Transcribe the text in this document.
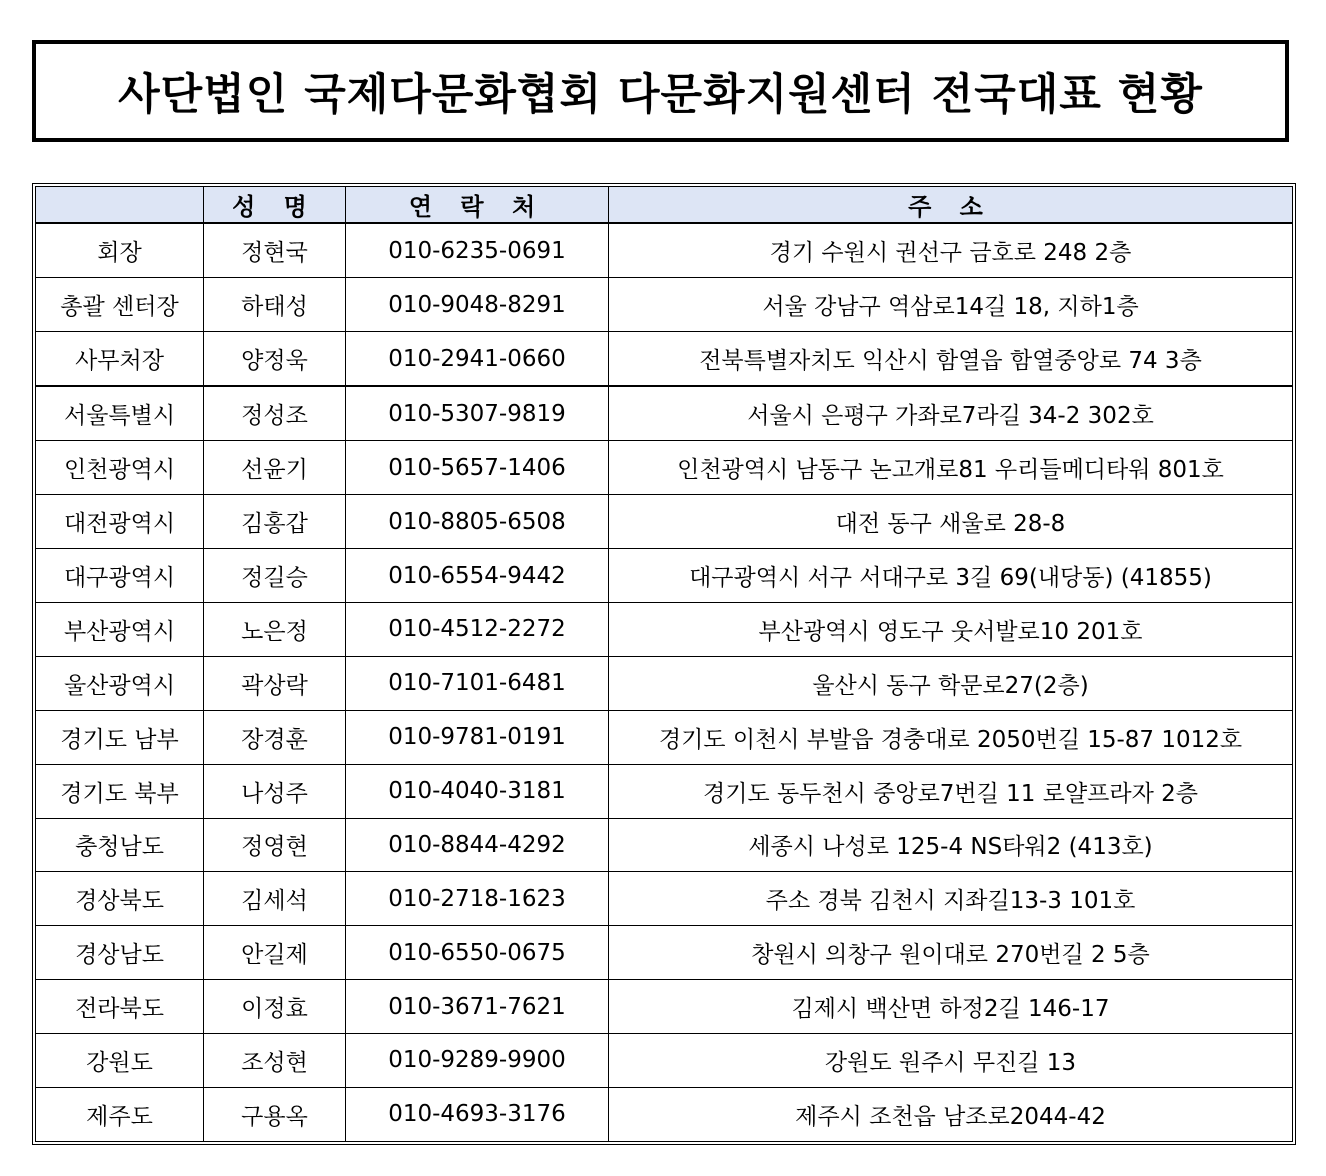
사단법인 국제다문화협회 다문화지원센터 전국대표 현황
	성 명	연 락 처	주 소
회장	정현국	010-6235-0691	경기 수원시 권선구 금호로 248 2층
총괄 센터장	하태성	010-9048-8291	서울 강남구 역삼로14길 18, 지하1층
사무처장	양정욱	010-2941-0660	전북특별자치도 익산시 함열읍 함열중앙로 74 3층
서울특별시	정성조	010-5307-9819	서울시 은평구 가좌로7라길 34-2 302호
인천광역시	선윤기	010-5657-1406	인천광역시 남동구 논고개로81 우리들메디타워 801호
대전광역시	김홍갑	010-8805-6508	대전 동구 새울로 28-8
대구광역시	정길승	010-6554-9442	대구광역시 서구 서대구로 3길 69(내당동) (41855)
부산광역시	노은정	010-4512-2272	부산광역시 영도구 웃서발로10 201호
울산광역시	곽상락	010-7101-6481	울산시 동구 학문로27(2층)
경기도 남부	장경훈	010-9781-0191	경기도 이천시 부발읍 경충대로 2050번길 15-87 1012호
경기도 북부	나성주	010-4040-3181	경기도 동두천시 중앙로7번길 11 로얄프라자 2층
충청남도	정영현	010-8844-4292	세종시 나성로 125-4 NS타워2 (413호)
경상북도	김세석	010-2718-1623	주소 경북 김천시 지좌길13-3 101호
경상남도	안길제	010-6550-0675	창원시 의창구 원이대로 270번길 2 5층
전라북도	이정효	010-3671-7621	김제시 백산면 하정2길 146-17
강원도	조성현	010-9289-9900	강원도 원주시 무진길 13
제주도	구용옥	010-4693-3176	제주시 조천읍 남조로2044-42
